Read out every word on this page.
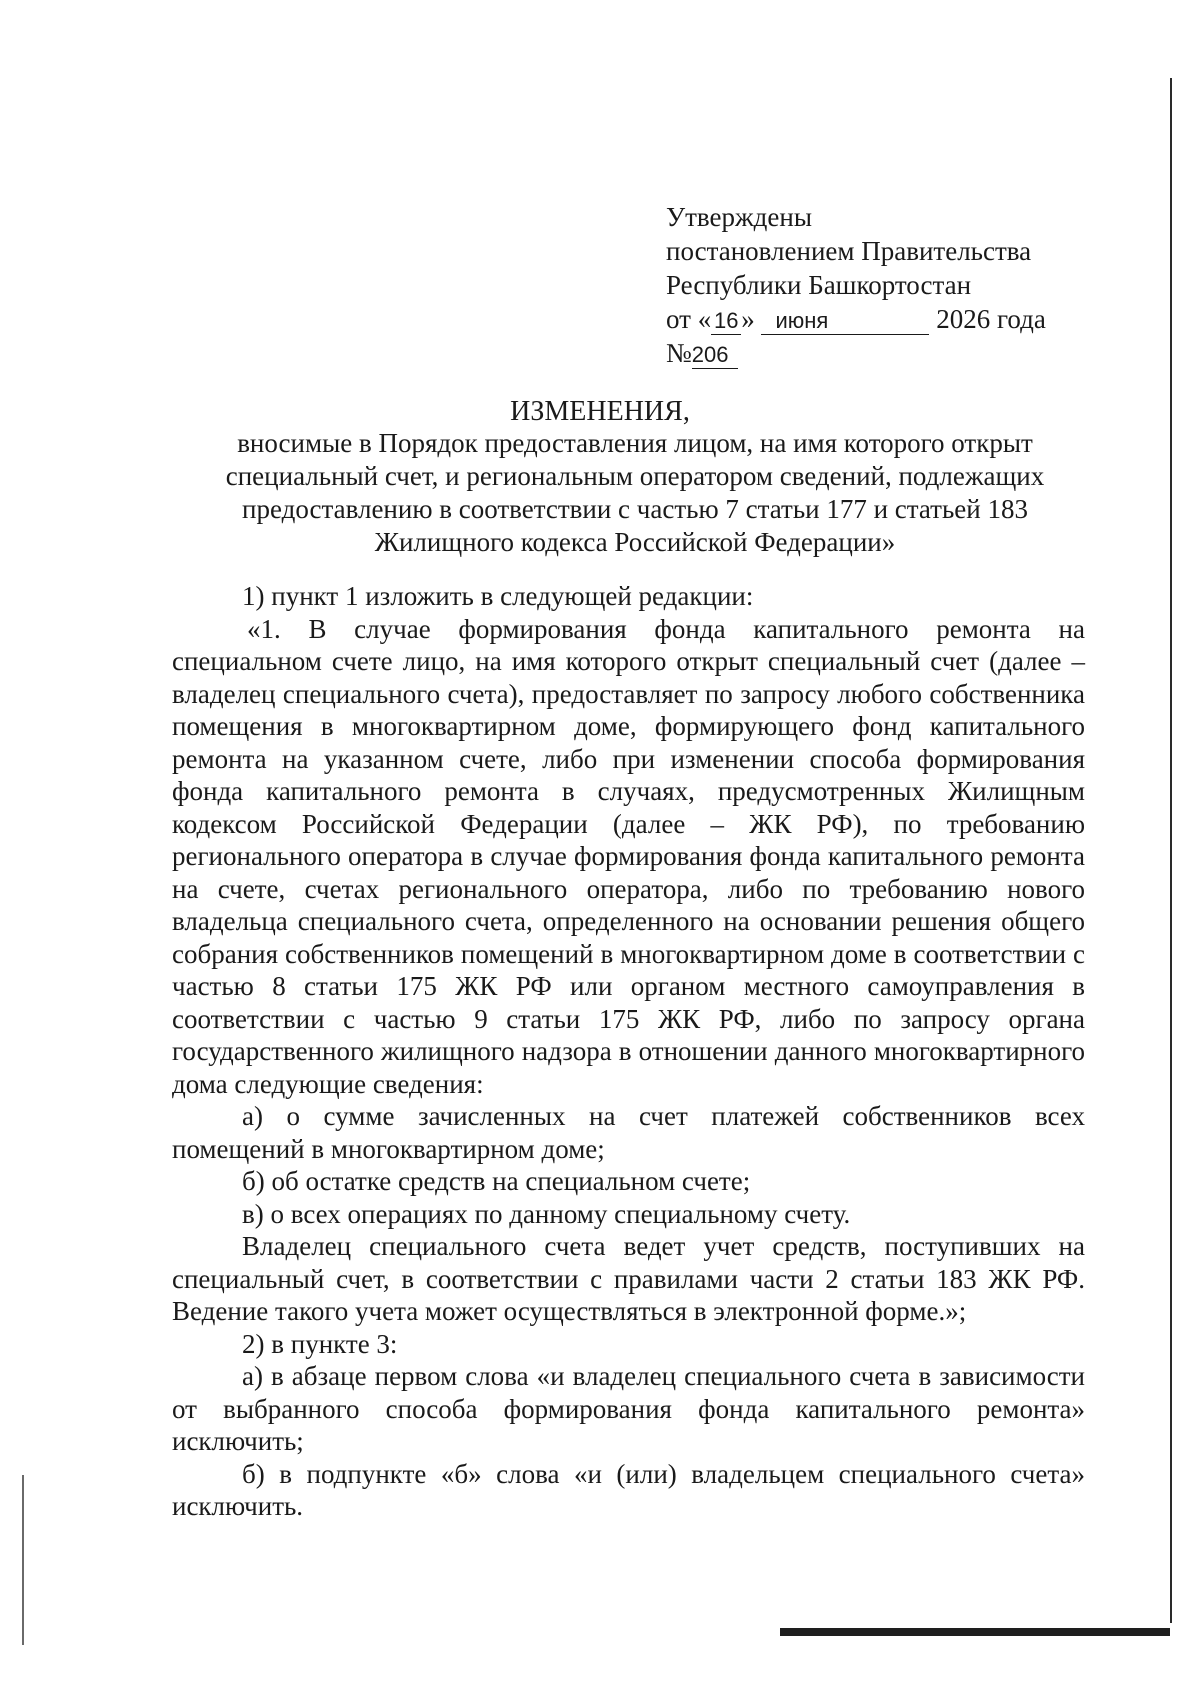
Утверждены
постановлением Правительства
Республики Башкортостан
от « 16 » июня	2026 года
№206
ИЗМЕНЕНИЯ,
вносимые в Порядок предоставления лицом, на имя которого открыт специальный счет, и региональным оператором сведений, подлежащих предоставлению в соответствии с частью 7 статьи 177 и статьей 183 Жилищного кодекса Российской Федерации»

1) пункт 1 изложить в следующей редакции:

«1. В случае формирования фонда капитального ремонта на специальном счете лицо, на имя которого открыт специальный счет (далее – владелец специального счета), предоставляет по запросу любого собственника помещения в многоквартирном доме, формирующего фонд капитального ремонта на указанном счете, либо при изменении способа формирования фонда капитального ремонта в случаях, предусмотренных Жилищным кодексом Российской Федерации (далее – ЖК РФ), по требованию регионального оператора в случае формирования фонда капитального ремонта на счете, счетах регионального оператора, либо по требованию нового владельца специального счета, определенного на основании решения общего собрания собственников помещений в многоквартирном доме в соответствии с частью 8 статьи 175 ЖК РФ или органом местного самоуправления в соответствии с частью 9 статьи 175 ЖК РФ, либо по запросу органа государственного жилищного надзора в отношении данного многоквартирного дома следующие сведения:

а) о сумме зачисленных на счет платежей собственников всех помещений в многоквартирном доме;

б) об остатке средств на специальном счете;

в) о всех операциях по данному специальному счету.

Владелец специального счета ведет учет средств, поступивших на специальный счет, в соответствии с правилами части 2 статьи 183 ЖК РФ. Ведение такого учета может осуществляться в электронной форме.»;

2) в пункте 3:

а) в абзаце первом слова «и владелец специального счета в зависимости от выбранного способа формирования фонда капитального ремонта» исключить;

б) в подпункте «б» слова «и (или) владельцем специального счета» исключить.
